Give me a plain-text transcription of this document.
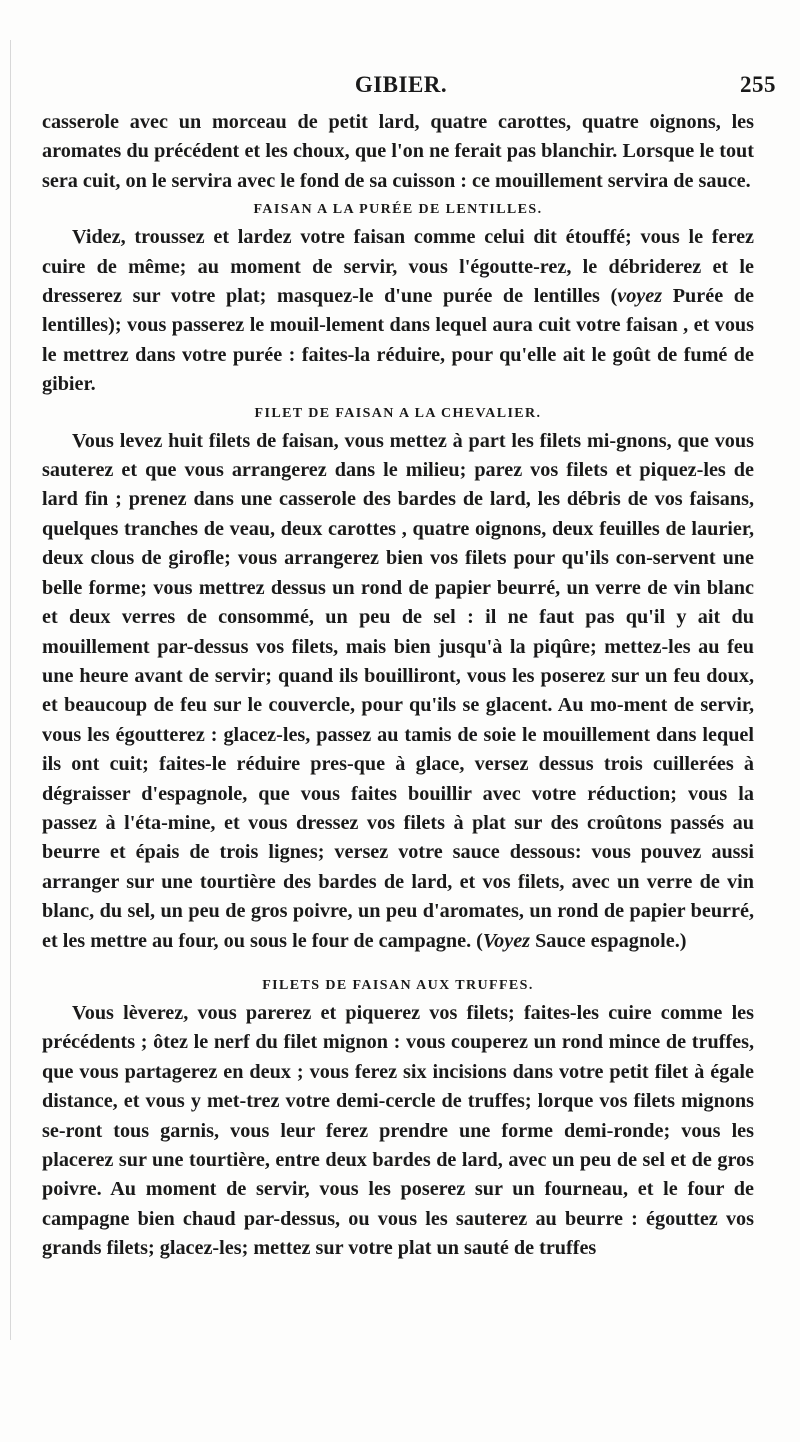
GIBIER.	255

casserole avec un morceau de petit lard, quatre carottes, quatre oignons, les aromates du précédent et les choux, que l'on ne ferait pas blanchir. Lorsque le tout sera cuit, on le servira avec le fond de sa cuisson : ce mouillement servira de sauce.

FAISAN A LA PURÉE DE LENTILLES.

Videz, troussez et lardez votre faisan comme celui dit étouffé; vous le ferez cuire de même; au moment de servir, vous l'égoutte-rez, le débriderez et le dresserez sur votre plat; masquez-le d'une purée de lentilles (voyez Purée de lentilles); vous passerez le mouil-lement dans lequel aura cuit votre faisan , et vous le mettrez dans votre purée : faites-la réduire, pour qu'elle ait le goût de fumé de gibier.

FILET DE FAISAN A LA CHEVALIER.

Vous levez huit filets de faisan, vous mettez à part les filets mi-gnons, que vous sauterez et que vous arrangerez dans le milieu; parez vos filets et piquez-les de lard fin ; prenez dans une casserole des bardes de lard, les débris de vos faisans, quelques tranches de veau, deux carottes , quatre oignons, deux feuilles de laurier, deux clous de girofle; vous arrangerez bien vos filets pour qu'ils con-servent une belle forme; vous mettrez dessus un rond de papier beurré, un verre de vin blanc et deux verres de consommé, un peu de sel : il ne faut pas qu'il y ait du mouillement par-dessus vos filets, mais bien jusqu'à la piqûre; mettez-les au feu une heure avant de servir; quand ils bouilliront, vous les poserez sur un feu doux, et beaucoup de feu sur le couvercle, pour qu'ils se glacent. Au mo-ment de servir, vous les égoutterez : glacez-les, passez au tamis de soie le mouillement dans lequel ils ont cuit; faites-le réduire pres-que à glace, versez dessus trois cuillerées à dégraisser d'espagnole, que vous faites bouillir avec votre réduction; vous la passez à l'éta-mine, et vous dressez vos filets à plat sur des croûtons passés au beurre et épais de trois lignes; versez votre sauce dessous: vous pouvez aussi arranger sur une tourtière des bardes de lard, et vos filets, avec un verre de vin blanc, du sel, un peu de gros poivre, un peu d'aromates, un rond de papier beurré, et les mettre au four, ou sous le four de campagne. (Voyez Sauce espagnole.)

FILETS DE FAISAN AUX TRUFFES.

Vous lèverez, vous parerez et piquerez vos filets; faites-les cuire comme les précédents ; ôtez le nerf du filet mignon : vous couperez un rond mince de truffes, que vous partagerez en deux ; vous ferez six incisions dans votre petit filet à égale distance, et vous y met-trez votre demi-cercle de truffes; lorque vos filets mignons se-ront tous garnis, vous leur ferez prendre une forme demi-ronde; vous les placerez sur une tourtière, entre deux bardes de lard, avec un peu de sel et de gros poivre. Au moment de servir, vous les poserez sur un fourneau, et le four de campagne bien chaud par-dessus, ou vous les sauterez au beurre : égouttez vos grands filets; glacez-les; mettez sur votre plat un sauté de truffes
